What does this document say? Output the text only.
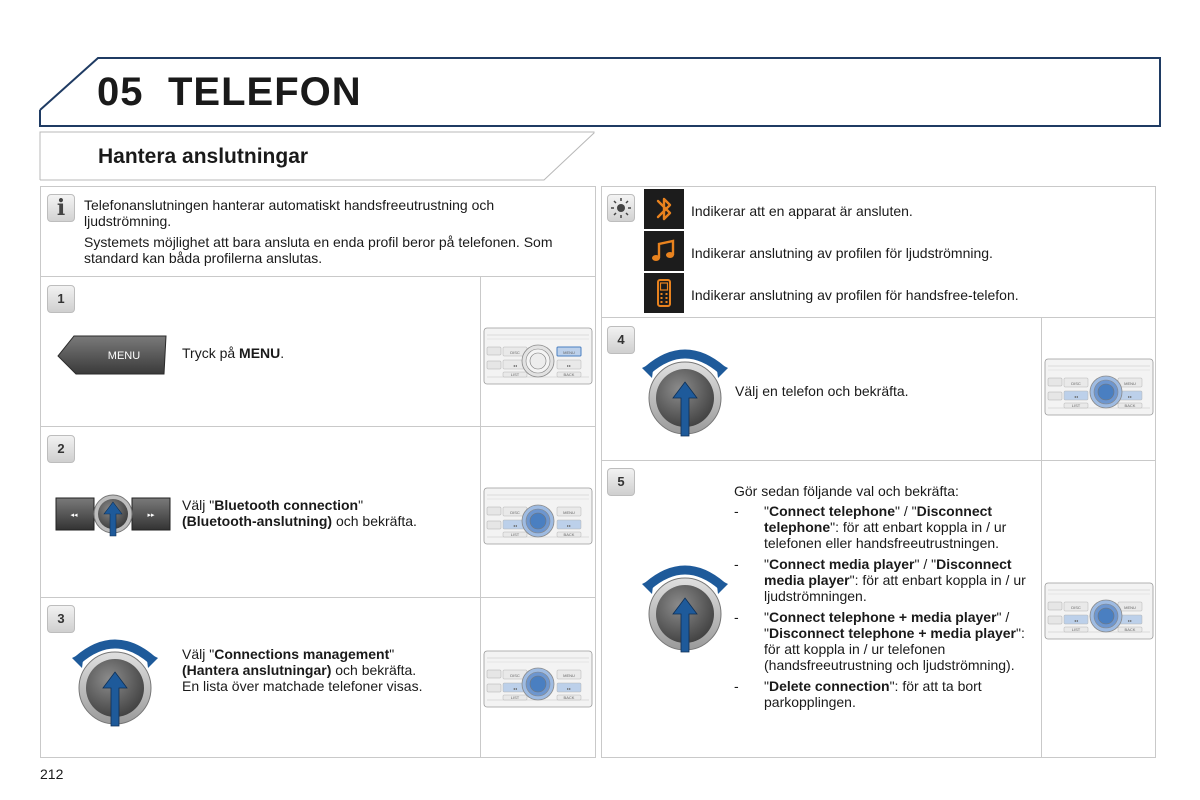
05 TELEFON
Hantera anslutningar
i	Telefonanslutningen hanterar automatiskt handsfreeutrustning och ljudströmning.
Systemets möjlighet att bara ansluta en enda profil beror på telefonen. Som standard kan båda profilerna anslutas.
1
MENU	Tryck på MENU.	DISC
◂◂
LIST
MENU
▸▸
BACK
2
◂◂	▸▸
Välj "Bluetooth connection"
(Bluetooth-anslutning) och bekräfta.
DISC
◂◂
LIST
MENU
▸▸
BACK
3
Välj "Connections management"
(Hantera anslutningar) och bekräfta.
En lista över matchade telefoner visas.
DISC
◂◂
LIST
MENU
▸▸
BACK
Indikerar att en apparat är ansluten.
Indikerar anslutning av profilen för ljudströmning.
Indikerar anslutning av profilen för handsfree-telefon.
4
Välj en telefon och bekräfta.	DISC
◂◂
LIST
MENU
▸▸
BACK
5
Gör sedan följande val och bekräfta:
- "Connect telephone" / "Disconnect telephone": för att enbart koppla in / ur telefonen eller handsfreeutrustningen.
- "Connect media player" / "Disconnect media player": för att enbart koppla in / ur ljudströmningen.
- "Connect telephone + media player" / "Disconnect telephone + media player": för att koppla in / ur telefonen (handsfreeutrustning och ljudströmning).
- "Delete connection": för att ta bort parkopplingen.
DISC
◂◂
LIST
MENU
▸▸
BACK
212
